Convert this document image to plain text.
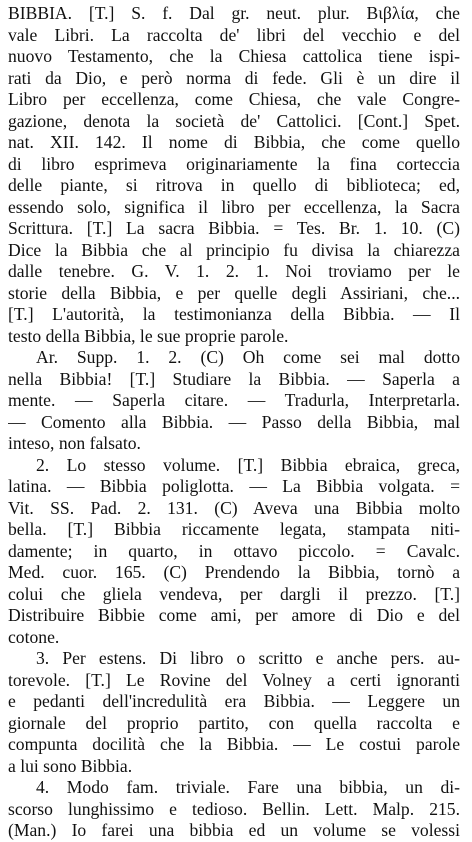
BIBBIA. [T.] S. f. Dal gr. neut. plur. Βιβλία, che
vale Libri. La raccolta de' libri del vecchio e del
nuovo Testamento, che la Chiesa cattolica tiene ispi-
rati da Dio, e però norma di fede. Gli è un dire il
Libro per eccellenza, come Chiesa, che vale Congre-
gazione, denota la società de' Cattolici. [Cont.] Spet.
nat. XII. 142. Il nome di Bibbia, che come quello
di libro esprimeva originariamente la fina corteccia
delle piante, si ritrova in quello di biblioteca; ed,
essendo solo, significa il libro per eccellenza, la Sacra
Scrittura. [T.] La sacra Bibbia. = Tes. Br. 1. 10. (C)
Dice la Bibbia che al principio fu divisa la chiarezza
dalle tenebre. G. V. 1. 2. 1. Noi troviamo per le
storie della Bibbia, e per quelle degli Assiriani, che...
[T.] L'autorità, la testimonianza della Bibbia. — Il
testo della Bibbia, le sue proprie parole.
Ar. Supp. 1. 2. (C) Oh come sei mal dotto
nella Bibbia! [T.] Studiare la Bibbia. — Saperla a
mente. — Saperla citare. — Tradurla, Interpretarla.
— Comento alla Bibbia. — Passo della Bibbia, mal
inteso, non falsato.
2. Lo stesso volume. [T.] Bibbia ebraica, greca,
latina. — Bibbia poliglotta. — La Bibbia volgata. =
Vit. SS. Pad. 2. 131. (C) Aveva una Bibbia molto
bella. [T.] Bibbia riccamente legata, stampata niti-
damente; in quarto, in ottavo piccolo. = Cavalc.
Med. cuor. 165. (C) Prendendo la Bibbia, tornò a
colui che gliela vendeva, per dargli il prezzo. [T.]
Distribuire Bibbie come ami, per amore di Dio e del
cotone.
3. Per estens. Di libro o scritto e anche pers. au-
torevole. [T.] Le Rovine del Volney a certi ignoranti
e pedanti dell'incredulità era Bibbia. — Leggere un
giornale del proprio partito, con quella raccolta e
compunta docilità che la Bibbia. — Le costui parole
a lui sono Bibbia.
4. Modo fam. triviale. Fare una bibbia, un di-
scorso lunghissimo e tedioso. Bellin. Lett. Malp. 215.
(Man.) Io farei una bibbia ed un volume se volessi
